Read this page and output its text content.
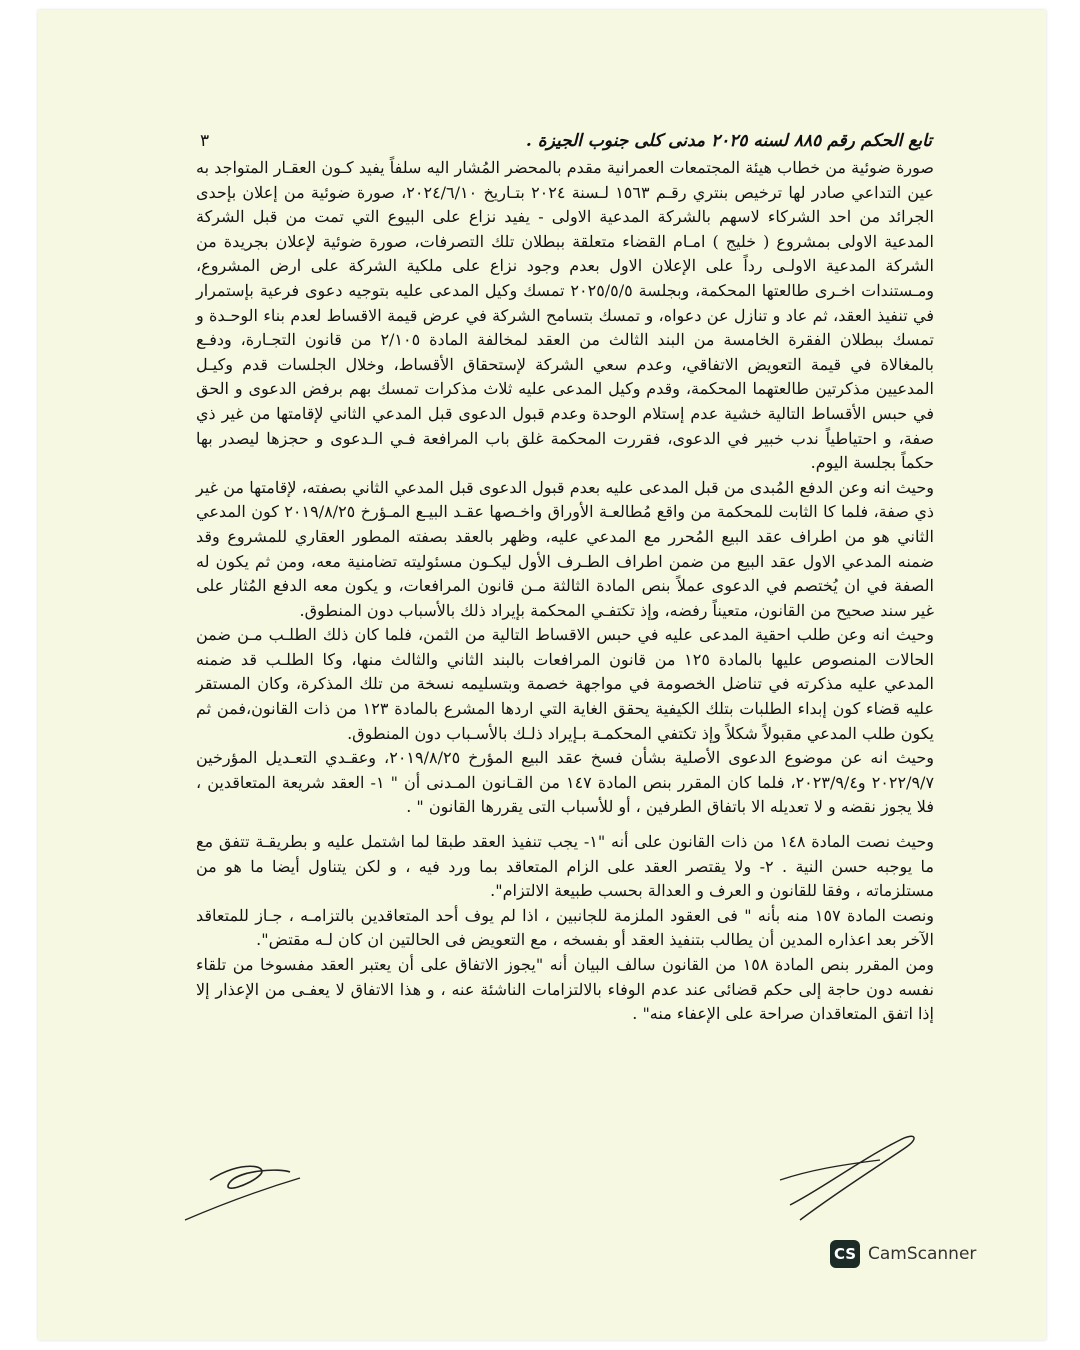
تابع الحكم رقم ٨٨٥ لسنه ٢٠٢٥ مدنى كلى جنوب الجيزة .
٣

صورة ضوئية من خطاب هيئة المجتمعات العمرانية مقدم بالمحضر المُشار اليه سلفاً يفيد كـون العقـار المتواجد به عين التداعي صادر لها ترخيص بنتري رقـم ١٥٦٣ لـسنة ٢٠٢٤ بتـاريخ ٢٠٢٤/٦/١٠، صورة ضوئية من إعلان بإحدى الجرائد من احد الشركاء لاسهم بالشركة المدعية الاولى - يفيد نزاع على البيوع التي تمت من قبل الشركة المدعية الاولى بمشروع ( خليج ) امـام القضاء متعلقة ببطلان تلك التصرفات، صورة ضوئية لإعلان بجريدة من الشركة المدعية الاولـى رداً على الإعلان الاول بعدم وجود نزاع على ملكية الشركة على ارض المشروع، ومـستندات اخـرى طالعتها المحكمة، وبجلسة ٢٠٢٥/٥/٥ تمسك وكيل المدعى عليه بتوجيه دعوى فرعية بإستمرار في تنفيذ العقد، ثم عاد و تنازل عن دعواه، و تمسك بتسامح الشركة في عرض قيمة الاقساط لعدم بناء الوحـدة و تمسك ببطلان الفقرة الخامسة من البند الثالث من العقد لمخالفة المادة ٢/١٠٥ من قانون التجـارة، ودفـع بالمغالاة في قيمة التعويض الاتفاقي، وعدم سعي الشركة لإستحقاق الأقساط، وخلال الجلسات قدم وكيـل المدعيين مذكرتين طالعتهما المحكمة، وقدم وكيل المدعى عليه ثلاث مذكرات تمسك بهم برفض الدعوى و الحق في حبس الأقساط التالية خشية عدم إستلام الوحدة وعدم قبول الدعوى قبل المدعي الثاني لإقامتها من غير ذي صفة، و احتياطياً ندب خبير في الدعوى، فقررت المحكمة غلق باب المرافعة فـي الـدعوى و حجزها ليصدر بها حكماً بجلسة اليوم.

وحيث انه وعن الدفع المُبدى من قبل المدعى عليه بعدم قبول الدعوى قبل المدعي الثاني بصفته، لإقامتها من غير ذي صفة، فلما كا الثابت للمحكمة من واقع مُطالعـة الأوراق واخـصها عقـد البيـع المـؤرخ ٢٠١٩/٨/٢٥ كون المدعي الثاني هو من اطراف عقد البيع المُحرر مع المدعي عليه، وظهر بالعقد بصفته المطور العقاري للمشروع وقد ضمنه المدعي الاول عقد البيع من ضمن اطراف الطـرف الأول ليكـون مسئوليته تضامنية معه، ومن ثم يكون له الصفة في ان يُختصم في الدعوى عملاً بنص المادة الثالثة مـن قانون المرافعات، و يكون معه الدفع المُثار على غير سند صحيح من القانون، متعيناً رفضه، وإذ تكتفـي المحكمة بإيراد ذلك بالأسباب دون المنطوق.

وحيث انه وعن طلب احقية المدعى عليه في حبس الاقساط التالية من الثمن، فلما كان ذلك الطلـب مـن ضمن الحالات المنصوص عليها بالمادة ١٢٥ من قانون المرافعات بالبند الثاني والثالث منها، وكا الطلـب قد ضمنه المدعي عليه مذكرته في تناضل الخصومة في مواجهة خصمة وبتسليمه نسخة من تلك المذكرة، وكان المستقر عليه قضاء كون إبداء الطلبات بتلك الكيفية يحقق الغاية التي اردها المشرع بالمادة ١٢٣ من ذات القانون،فمن ثم يكون طلب المدعي مقبولاً شكلاً وإذ تكتفي المحكمـة بـإيراد ذلـك بالأسـباب دون المنطوق.

وحيث انه عن موضوع الدعوى الأصلية بشأن فسخ عقد البيع المؤرخ ٢٠١٩/٨/٢٥، وعقـدي التعـديل المؤرخين ٢٠٢٢/٩/٧ و٢٠٢٣/٩/٤، فلما كان المقرر بنص المادة ١٤٧ من القـانون المـدنى أن " ١- العقد شريعة المتعاقدين ، فلا يجوز نقضه و لا تعديله الا باتفاق الطرفين ، أو للأسباب التى يقررها القانون " .

وحيث نصت المادة ١٤٨ من ذات القانون على أنه "١- يجب تنفيذ العقد طبقا لما اشتمل عليه و بطريقـة تتفق مع ما يوجبه حسن النية . ٢- ولا يقتصر العقد على الزام المتعاقد بما ورد فيه ، و لكن يتناول أيضا ما هو من مستلزماته ، وفقا للقانون و العرف و العدالة بحسب طبيعة الالتزام".

ونصت المادة ١٥٧ منه بأنه " فى العقود الملزمة للجانبين ، اذا لم يوف أحد المتعاقدين بالتزامـه ، جـاز للمتعاقد الآخر بعد اعذاره المدين أن يطالب بتنفيذ العقد أو بفسخه ، مع التعويض فى الحالتين ان كان لـه مقتض".

ومن المقرر بنص المادة ١٥٨ من القانون سالف البيان أنه "يجوز الاتفاق على أن يعتبر العقد مفسوخا من تلقاء نفسه دون حاجة إلى حكم قضائى عند عدم الوفاء بالالتزامات الناشئة عنه ، و هذا الاتفاق لا يعفـى من الإعذار إلا إذا اتفق المتعاقدان صراحة على الإعفاء منه" .

CS CamScanner
